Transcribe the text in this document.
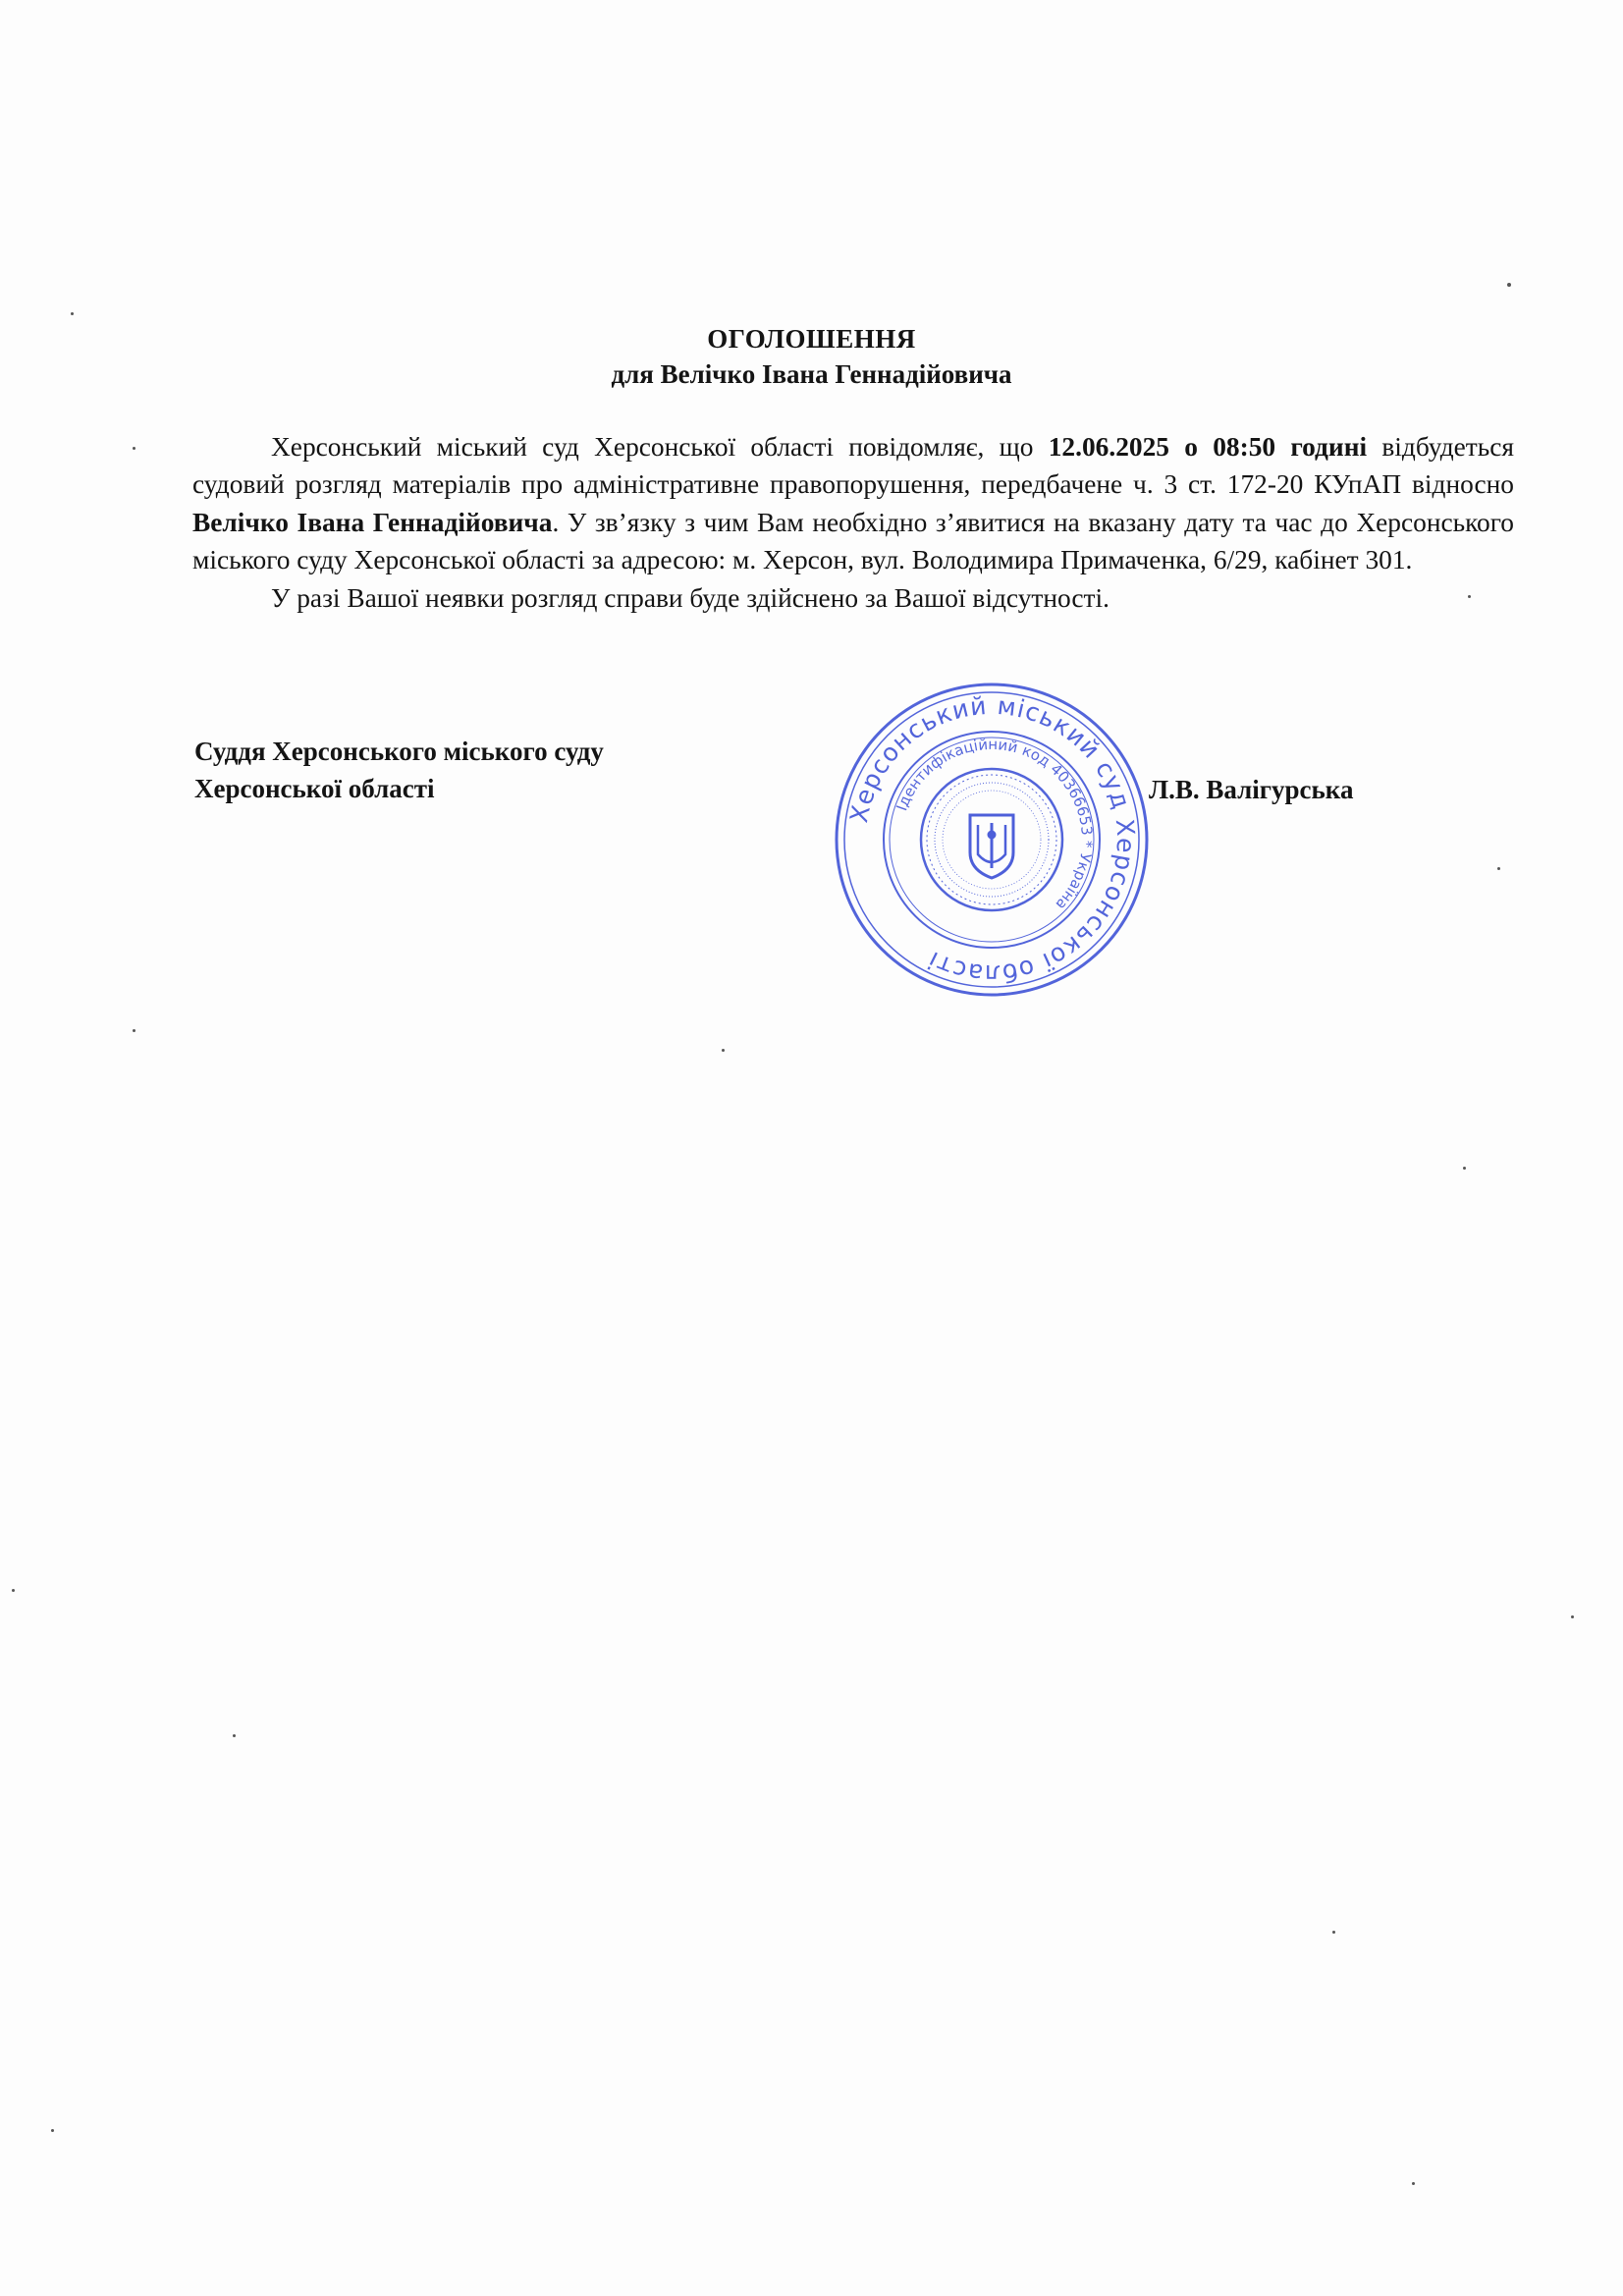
ОГОЛОШЕННЯ
для Велічко Івана Геннадійовича

Херсонський міський суд Херсонської області повідомляє, що 12.06.2025 о 08:50 годині відбудеться судовий розгляд матеріалів про адміністративне правопорушення, передбачене ч. 3 ст. 172-20 КУпАП відносно Велічко Івана Геннадійовича. У зв’язку з чим Вам необхідно з’явитися на вказану дату та час до Херсонського міського суду Херсонської області за адресою: м. Херсон, вул. Володимира Примаченка, 6/29, кабінет 301.

У разі Вашої неявки розгляд справи буде здійснено за Вашої відсутності.

Суддя Херсонського міського суду
Херсонської області	Л.В. Валігурська
Херсонський міський суд Херсонської області
Ідентифікаційний код 40366653 * Україна
